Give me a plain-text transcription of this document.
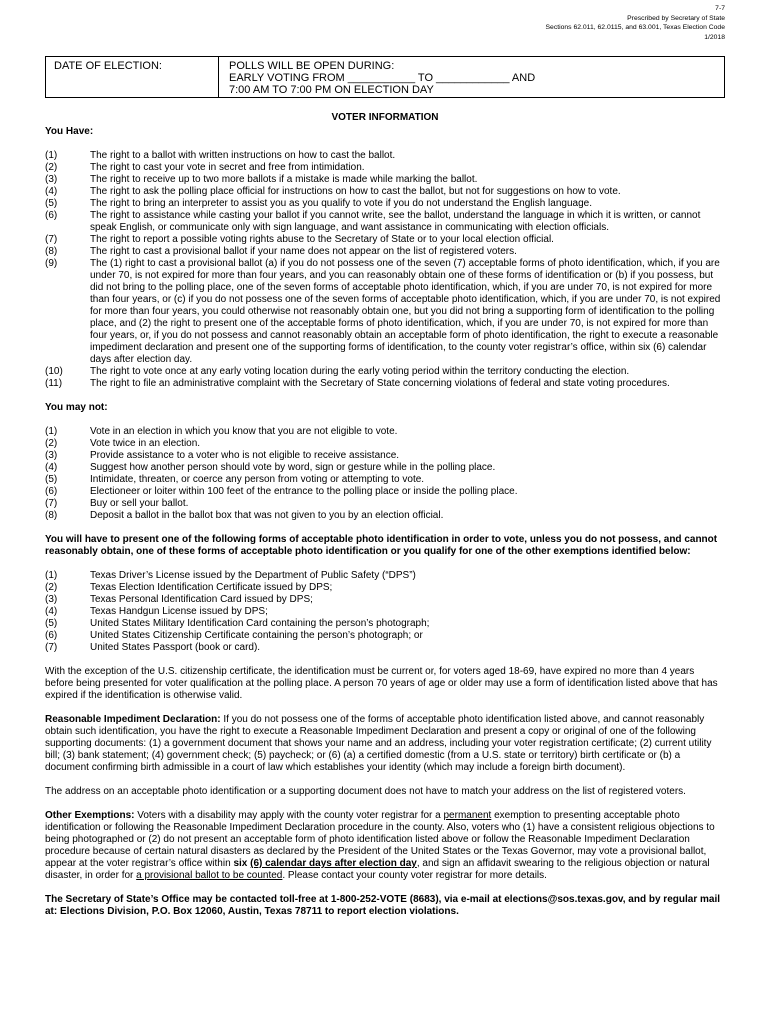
7-7
Prescribed by Secretary of State
Sections 62.011, 62.0115, and 63.001, Texas Election Code
1/2018
DATE OF ELECTION:	POLLS WILL BE OPEN DURING:
EARLY VOTING FROM ___________ TO ____________ AND
7:00 AM TO 7:00 PM ON ELECTION DAY
VOTER INFORMATION
You Have:
(1)	The right to a ballot with written instructions on how to cast the ballot.
(2)	The right to cast your vote in secret and free from intimidation.
(3)	The right to receive up to two more ballots if a mistake is made while marking the ballot.
(4)	The right to ask the polling place official for instructions on how to cast the ballot, but not for suggestions on how to vote.
(5)	The right to bring an interpreter to assist you as you qualify to vote if you do not understand the English language.
(6)	The right to assistance while casting your ballot if you cannot write, see the ballot, understand the language in which it is written, or cannot speak English, or communicate only with sign language, and want assistance in communicating with election officials.
(7)	The right to report a possible voting rights abuse to the Secretary of State or to your local election official.
(8)	The right to cast a provisional ballot if your name does not appear on the list of registered voters.
(9)	The (1) right to cast a provisional ballot (a) if you do not possess one of the seven (7) acceptable forms of photo identification, which, if you are under 70, is not expired for more than four years, and you can reasonably obtain one of these forms of identification or (b) if you possess, but did not bring to the polling place, one of the seven forms of acceptable photo identification, which, if you are under 70, is not expired for more than four years, or (c) if you do not possess one of the seven forms of acceptable photo identification, which, if you are under 70, is not expired for more than four years, you could otherwise not reasonably obtain one, but you did not bring a supporting form of identification to the polling place, and (2) the right to present one of the acceptable forms of photo identification, which, if you are under 70, is not expired for more than four years, or, if you do not possess and cannot reasonably obtain an acceptable form of photo identification, the right to execute a reasonable impediment declaration and present one of the supporting forms of identification, to the county voter registrar’s office, within six (6) calendar days after election day.
(10)	The right to vote once at any early voting location during the early voting period within the territory conducting the election.
(11)	The right to file an administrative complaint with the Secretary of State concerning violations of federal and state voting procedures.
You may not:
(1)	Vote in an election in which you know that you are not eligible to vote.
(2)	Vote twice in an election.
(3)	Provide assistance to a voter who is not eligible to receive assistance.
(4)	Suggest how another person should vote by word, sign or gesture while in the polling place.
(5)	Intimidate, threaten, or coerce any person from voting or attempting to vote.
(6)	Electioneer or loiter within 100 feet of the entrance to the polling place or inside the polling place.
(7)	Buy or sell your ballot.
(8)	Deposit a ballot in the ballot box that was not given to you by an election official.
You will have to present one of the following forms of acceptable photo identification in order to vote, unless you do not possess, and cannot reasonably obtain, one of these forms of acceptable photo identification or you qualify for one of the other exemptions identified below:
(1)	Texas Driver’s License issued by the Department of Public Safety (“DPS”)
(2)	Texas Election Identification Certificate issued by DPS;
(3)	Texas Personal Identification Card issued by DPS;
(4)	Texas Handgun License issued by DPS;
(5)	United States Military Identification Card containing the person’s photograph;
(6)	United States Citizenship Certificate containing the person’s photograph; or
(7)	United States Passport (book or card).
With the exception of the U.S. citizenship certificate, the identification must be current or, for voters aged 18-69, have expired no more than 4 years before being presented for voter qualification at the polling place. A person 70 years of age or older may use a form of identification listed above that has expired if the identification is otherwise valid.
Reasonable Impediment Declaration: If you do not possess one of the forms of acceptable photo identification listed above, and cannot reasonably obtain such identification, you have the right to execute a Reasonable Impediment Declaration and present a copy or original of one of the following supporting documents: (1) a government document that shows your name and an address, including your voter registration certificate; (2) current utility bill; (3) bank statement; (4) government check; (5) paycheck; or (6) (a) a certified domestic (from a U.S. state or territory) birth certificate or (b) a document confirming birth admissible in a court of law which establishes your identity (which may include a foreign birth document).
The address on an acceptable photo identification or a supporting document does not have to match your address on the list of registered voters.
Other Exemptions: Voters with a disability may apply with the county voter registrar for a permanent exemption to presenting acceptable photo identification or following the Reasonable Impediment Declaration procedure in the county. Also, voters who (1) have a consistent religious objections to being photographed or (2) do not present an acceptable form of photo identification listed above or follow the Reasonable Impediment Declaration procedure because of certain natural disasters as declared by the President of the United States or the Texas Governor, may vote a provisional ballot, appear at the voter registrar’s office within six (6) calendar days after election day, and sign an affidavit swearing to the religious objection or natural disaster, in order for a provisional ballot to be counted. Please contact your county voter registrar for more details.
The Secretary of State’s Office may be contacted toll-free at 1-800-252-VOTE (8683), via e-mail at elections@sos.texas.gov, and by regular mail at: Elections Division, P.O. Box 12060, Austin, Texas 78711 to report election violations.
